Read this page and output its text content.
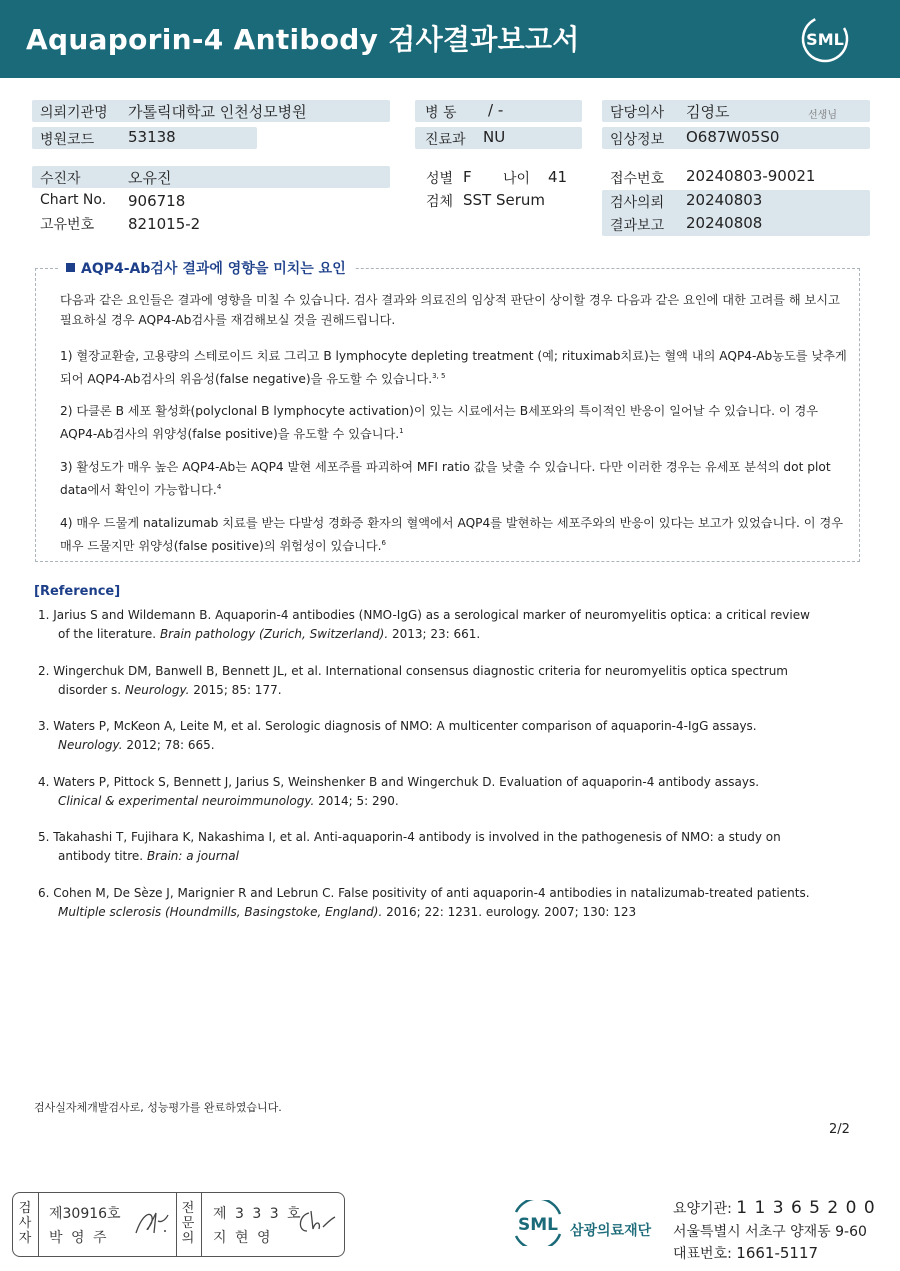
Aquaporin-4 Antibody 검사결과보고서	SML
의뢰기관명 가톨릭대학교 인천성모병원
병원코드 53138
병 동 / -
진료과 NU
담당의사 김영도	선생님
임상정보 O687W05S0
수진자	오유진
Chart No. 906718
고유번호 821015-2
성별 F 나이 41
검체 SST Serum
접수번호 20240803-90021
검사의뢰 20240803
결과보고 20240808
AQP4-Ab검사 결과에 영향을 미치는 요인
다음과 같은 요인들은 결과에 영향을 미칠 수 있습니다. 검사 결과와 의료진의 임상적 판단이 상이할 경우 다음과 같은 요인에 대한 고려를 해 보시고 필요하실 경우 AQP4-Ab검사를 재검해보실 것을 권해드립니다.
1) 혈장교환술, 고용량의 스테로이드 치료 그리고 B lymphocyte depleting treatment (예; rituximab치료)는 혈액 내의 AQP4-Ab농도를 낮추게 되어 AQP4-Ab검사의 위음성(false negative)을 유도할 수 있습니다.$^{3, 5}$
2) 다클론 B 세포 활성화(polyclonal B lymphocyte activation)이 있는 시료에서는 B세포와의 특이적인 반응이 일어날 수 있습니다. 이 경우 AQP4-Ab검사의 위양성(false positive)을 유도할 수 있습니다.$^1$
3) 활성도가 매우 높은 AQP4-Ab는 AQP4 발현 세포주를 파괴하여 MFI ratio 값을 낮출 수 있습니다. 다만 이러한 경우는 유세포 분석의 dot plot data에서 확인이 가능합니다.$^4$
4) 매우 드물게 natalizumab 치료를 받는 다발성 경화증 환자의 혈액에서 AQP4를 발현하는 세포주와의 반응이 있다는 보고가 있었습니다. 이 경우 매우 드물지만 위양성(false positive)의 위험성이 있습니다.$^6$
[Reference]
1. Jarius S and Wildemann B. Aquaporin-4 antibodies (NMO-IgG) as a serological marker of neuromyelitis optica: a critical review
of the literature. Brain pathology (Zurich, Switzerland). 2013; 23: 661.
2. Wingerchuk DM, Banwell B, Bennett JL, et al. International consensus diagnostic criteria for neuromyelitis optica spectrum
disorder s. Neurology. 2015; 85: 177.
3. Waters P, McKeon A, Leite M, et al. Serologic diagnosis of NMO: A multicenter comparison of aquaporin-4-IgG assays.
Neurology. 2012; 78: 665.
4. Waters P, Pittock S, Bennett J, Jarius S, Weinshenker B and Wingerchuk D. Evaluation of aquaporin-4 antibody assays.
Clinical & experimental neuroimmunology. 2014; 5: 290.
5. Takahashi T, Fujihara K, Nakashima I, et al. Anti-aquaporin-4 antibody is involved in the pathogenesis of NMO: a study on
antibody titre. Brain: a journal
6. Cohen M, De Sèze J, Marignier R and Lebrun C. False positivity of anti aquaporin-4 antibodies in natalizumab-treated patients.
Multiple sclerosis (Houndmills, Basingstoke, England). 2016; 22: 1231. eurology. 2007; 130: 123
검사실자체개발검사로, 성능평가를 완료하였습니다.
2/2
검
사
자
제30916호
박 영 주
전
문
의
제 3 3 3 호
지 현 영
SML 삼광의료재단
요양기관: 1 1 3 6 5 2 0 0
서울특별시 서초구 양재동 9-60
대표번호: 1661-5117
